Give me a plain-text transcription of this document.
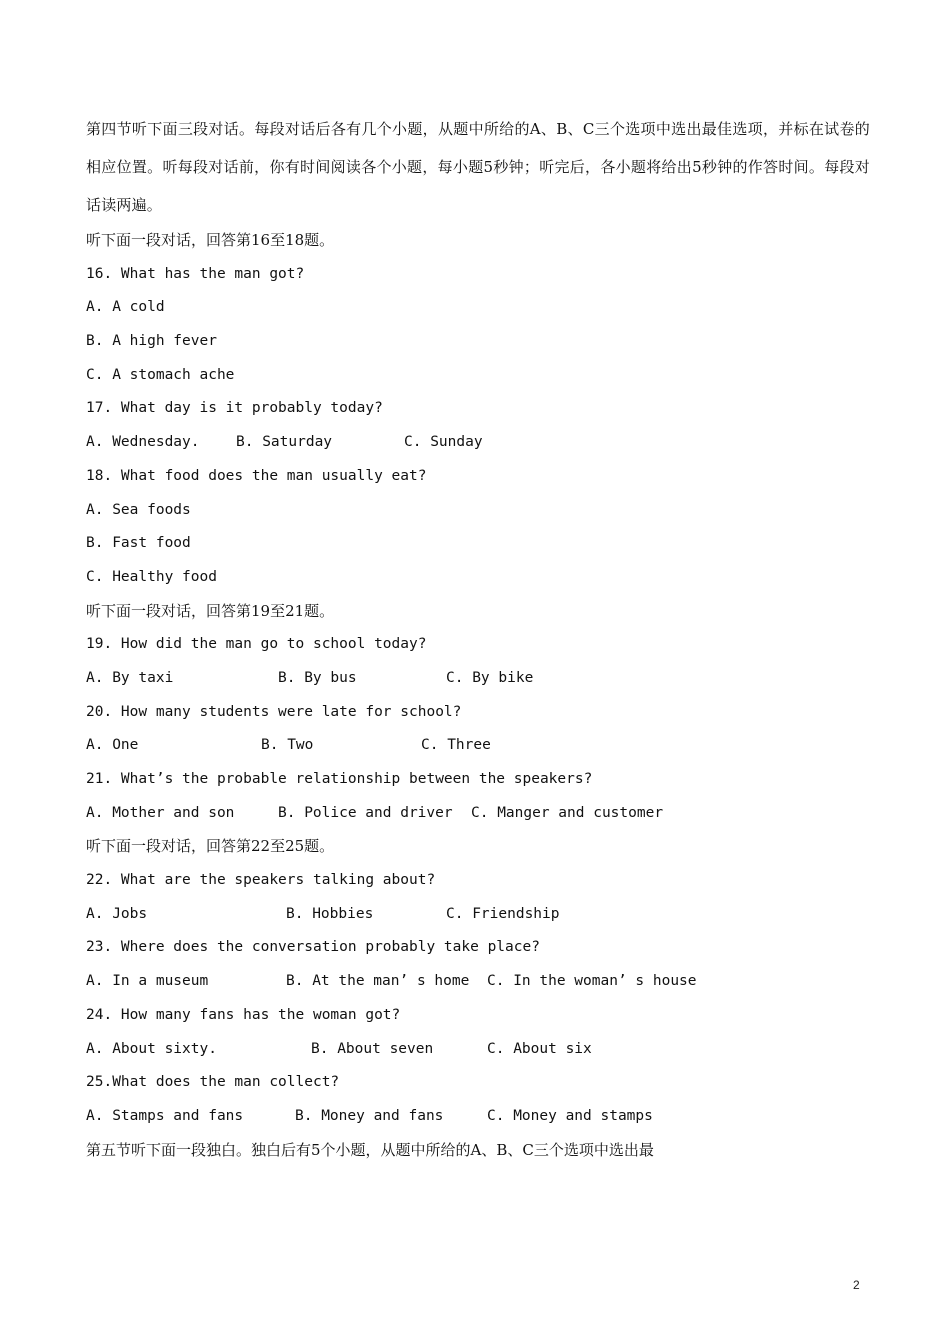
第四节听下面三段对话。每段对话后各有几个小题，从题中所给的A、B、C三个选项中选出最佳选项，并标在试卷的相应位置。听每段对话前，你有时间阅读各个小题，每小题5秒钟；听完后，各小题将给出5秒钟的作答时间。每段对话读两遍。

听下面一段对话，回答第16至18题。
16. What has the man got?
A. A cold
B. A high fever
C. A stomach ache
17. What day is it probably today?
A. Wednesday.	B. Saturday	C. Sunday
18. What food does the man usually eat?
A. Sea foods
B. Fast food
C. Healthy food
听下面一段对话，回答第19至21题。
19. How did the man go to school today?
A. By taxi	B. By bus	C. By bike
20. How many students were late for school?
A. One	B. Two	C. Three
21. What’s the probable relationship between the speakers?
A. Mother and son	B. Police and driver	C. Manger and customer
听下面一段对话，回答第22至25题。
22. What are the speakers talking about?
A. Jobs	B. Hobbies	C. Friendship
23. Where does the conversation probably take place?
A. In a museum	B. At the man’ s home	C. In the woman’ s house
24. How many fans has the woman got?
A. About sixty.	B. About seven	C. About six
25.What does the man collect?
A. Stamps and fans	B. Money and fans	C. Money and stamps
第五节听下面一段独白。独白后有5个小题，从题中所给的A、B、C三个选项中选出最
2
